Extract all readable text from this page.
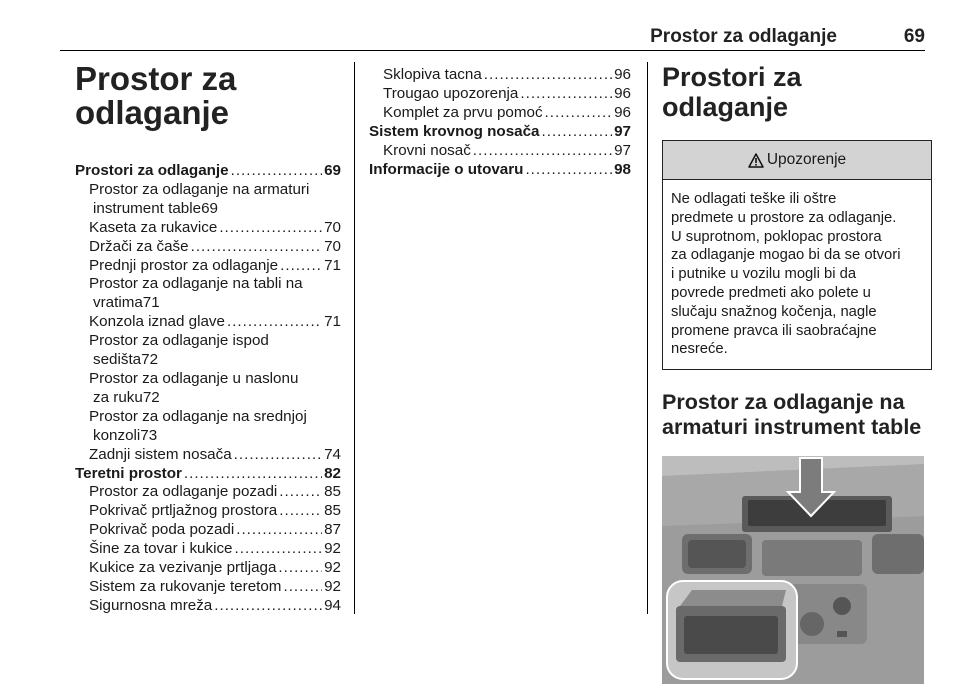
Prostor za odlaganje	69
Prostor za
odlaganje
Prostori za odlaganje .....	69
Prostor za odlaganje na armaturi
instrument table 69
Kaseta za rukavice .....	70
Držači za čaše .....	70
Prednji prostor za odlaganje .....	71
Prostor za odlaganje na tabli na
vratima 71
Konzola iznad glave .....	71
Prostor za odlaganje ispod
sedišta 72
Prostor za odlaganje u naslonu
za ruku 72
Prostor za odlaganje na srednjoj
konzoli 73
Zadnji sistem nosača .....	74
Teretni prostor .....	82
Prostor za odlaganje pozadi .....	85
Pokrivač prtljažnog prostora .....	85
Pokrivač poda pozadi .....	87
Šine za tovar i kukice .....	92
Kukice za vezivanje prtljaga .....	92
Sistem za rukovanje teretom .....	92
Sigurnosna mreža .....	94
Sklopiva tacna .....	96
Trougao upozorenja .....	96
Komplet za prvu pomoć .....	96
Sistem krovnog nosača .....	97
Krovni nosač .....	97
Informacije o utovaru .....	98
Prostori za odlaganje
Upozorenje
Ne odlagati teške ili oštre
predmete u prostore za odlaganje.
U suprotnom, poklopac prostora
za odlaganje mogao bi da se otvori
i putnike u vozilu mogli bi da
povrede predmeti ako polete u
slučaju snažnog kočenja, nagle
promene pravca ili saobraćajne
nesreće.
Prostor za odlaganje na
armaturi instrument table
